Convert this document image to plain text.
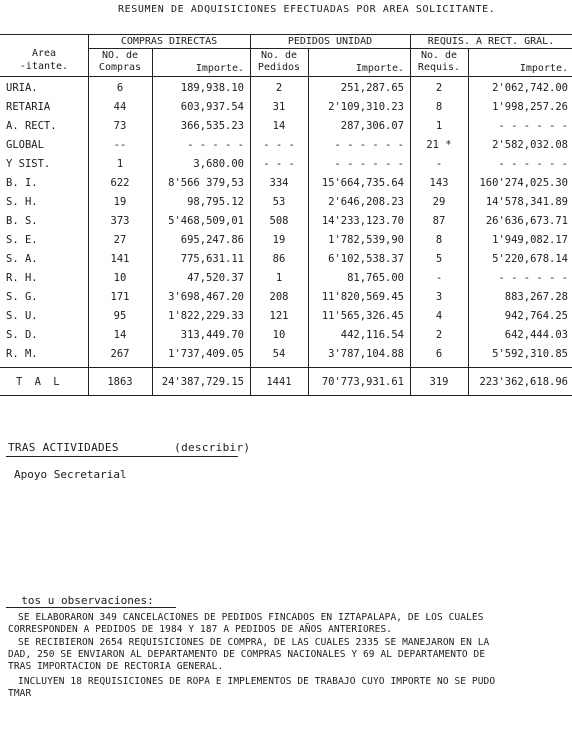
RESUMEN DE ADQUISICIONES EFECTUADAS POR AREA SOLICITANTE.
Area
-itante.
COMPRAS DIRECTAS
NO. de
Compras	Importe.
PEDIDOS UNIDAD
No. de
Pedidos	Importe.
REQUIS. A RECT. GRAL.
No. de
Requis.	Importe.
URIA.	6	189,938.10	2	251,287.65	2	2'062,742.00
RETARIA	44	603,937.54	31	2'109,310.23	8	1'998,257.26
A. RECT.	73	366,535.23	14	287,306.07	1	- - - - - -
GLOBAL	--	- - - - -	- - -	- - - - - -	21 *	2'582,032.08
Y SIST.	1	3,680.00	- - -	- - - - - -	-	- - - - - -
B. I.	622	8'566 379,53	334	15'664,735.64	143	160'274,025.30
S. H.	19	98,795.12	53	2'646,208.23	29	14'578,341.89
B. S.	373	5'468,509,01	508	14'233,123.70	87	26'636,673.71
S. E.	27	695,247.86	19	1'782,539,90	8	1'949,082.17
S. A.	141	775,631.11	86	6'102,538.37	5	5'220,678.14
R. H.	10	47,520.37	1	81,765.00	-	- - - - - -
S. G.	171	3'698,467.20	208	11'820,569.45	3	883,267.28
S. U.	95	1'822,229.33	121	11'565,326.45	4	942,764.25
S. D.	14	313,449.70	10	442,116.54	2	642,444.03
R. M.	267	1'737,409.05	54	3'787,104.88	6	5'592,310.85
T A L	1863	24'387,729.15	1441	70'773,931.61	319	223'362,618.96
TRAS ACTIVIDADES        (describir)
Apoyo Secretarial
tos u observaciones:
SE ELABORARON 349 CANCELACIONES DE PEDIDOS FINCADOS EN IZTAPALAPA, DE LOS CUALES
CORRESPONDEN A PEDIDOS DE 1984 Y 187 A PEDIDOS DE AÑOS ANTERIORES.
SE RECIBIERON 2654 REQUISICIONES DE COMPRA, DE LAS CUALES 2335 SE MANEJARON EN LA
DAD, 250 SE ENVIARON AL DEPARTAMENTO DE COMPRAS NACIONALES Y 69 AL DEPARTAMENTO DE
TRAS IMPORTACION DE RECTORIA GENERAL.
INCLUYEN 18 REQUISICIONES DE ROPA E IMPLEMENTOS DE TRABAJO CUYO IMPORTE NO SE PUDO
TMAR
